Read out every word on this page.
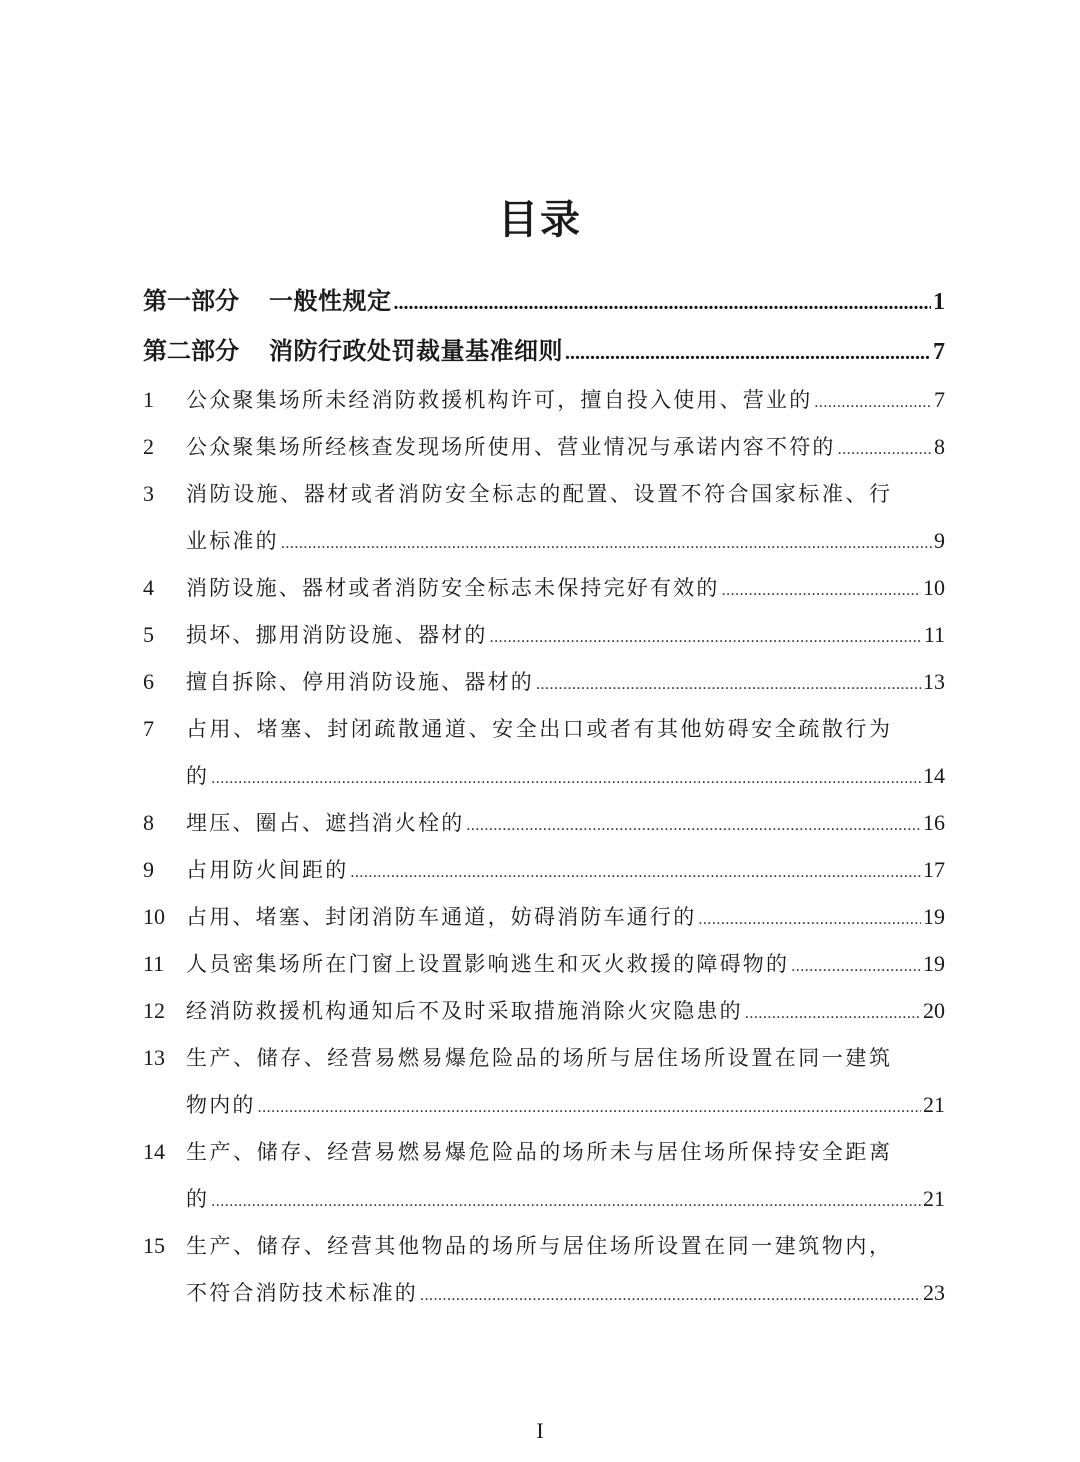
目录
第一部分 一般性规定 .....	1
第二部分 消防行政处罚裁量基准细则 .....	7
1	公众聚集场所未经消防救援机构许可，擅自投入使用、营业的 .....	7
2	公众聚集场所经核查发现场所使用、营业情况与承诺内容不符的 .....	8
3	消防设施、器材或者消防安全标志的配置、设置不符合国家标准、行
业标准的 .....	9
4	消防设施、器材或者消防安全标志未保持完好有效的 .....	10
5	损坏、挪用消防设施、器材的 .....	11
6	擅自拆除、停用消防设施、器材的 .....	13
7	占用、堵塞、封闭疏散通道、安全出口或者有其他妨碍安全疏散行为
的 .....	14
8	埋压、圈占、遮挡消火栓的 .....	16
9	占用防火间距的 .....	17
10	占用、堵塞、封闭消防车通道，妨碍消防车通行的 .....	19
11	人员密集场所在门窗上设置影响逃生和灭火救援的障碍物的 .....	19
12	经消防救援机构通知后不及时采取措施消除火灾隐患的 .....	20
13	生产、储存、经营易燃易爆危险品的场所与居住场所设置在同一建筑
物内的 .....	21
14	生产、储存、经营易燃易爆危险品的场所未与居住场所保持安全距离
的 .....	21
15	生产、储存、经营其他物品的场所与居住场所设置在同一建筑物内，
不符合消防技术标准的 .....	23
I
